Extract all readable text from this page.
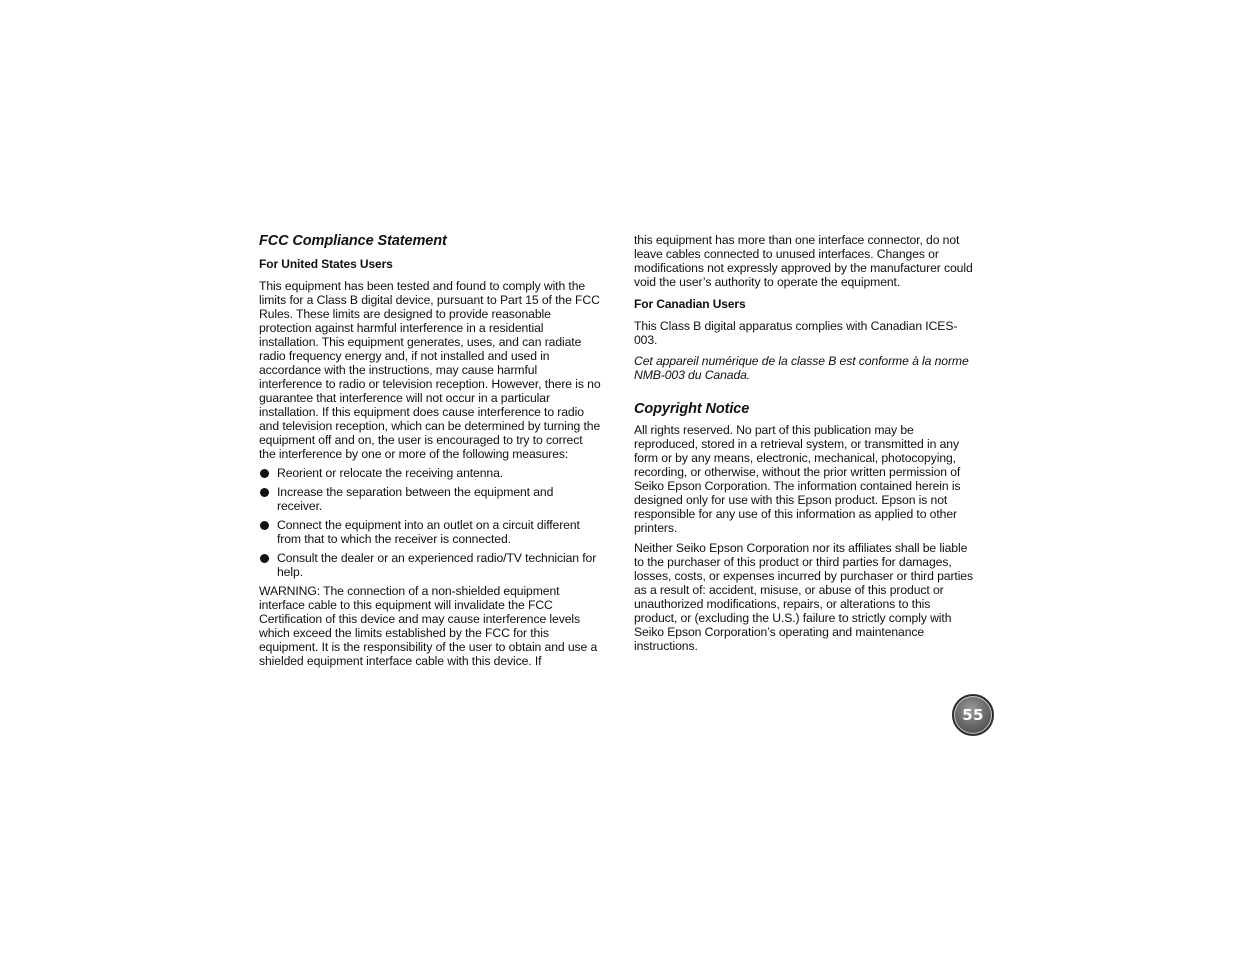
FCC Compliance Statement

For United States Users

This equipment has been tested and found to comply with the limits for a Class B digital device, pursuant to Part 15 of the FCC Rules. These limits are designed to provide reasonable protection against harmful interference in a residential installation. This equipment generates, uses, and can radiate radio frequency energy and, if not installed and used in accordance with the instructions, may cause harmful interference to radio or television reception. However, there is no guarantee that interference will not occur in a particular installation. If this equipment does cause interference to radio and television reception, which can be determined by turning the equipment off and on, the user is encouraged to try to correct the interference by one or more of the following measures:

Reorient or relocate the receiving antenna.
Increase the separation between the equipment and receiver.
Connect the equipment into an outlet on a circuit different from that to which the receiver is connected.
Consult the dealer or an experienced radio/TV technician for help.

WARNING: The connection of a non-shielded equipment interface cable to this equipment will invalidate the FCC Certification of this device and may cause interference levels which exceed the limits established by the FCC for this equipment. It is the responsibility of the user to obtain and use a shielded equipment interface cable with this device. If

this equipment has more than one interface connector, do not leave cables connected to unused interfaces. Changes or modifications not expressly approved by the manufacturer could void the user’s authority to operate the equipment.

For Canadian Users

This Class B digital apparatus complies with Canadian ICES-003.

Cet appareil numérique de la classe B est conforme à la norme NMB-003 du Canada.

Copyright Notice

All rights reserved. No part of this publication may be reproduced, stored in a retrieval system, or transmitted in any form or by any means, electronic, mechanical, photocopying, recording, or otherwise, without the prior written permission of Seiko Epson Corporation. The information contained herein is designed only for use with this Epson product. Epson is not responsible for any use of this information as applied to other printers.

Neither Seiko Epson Corporation nor its affiliates shall be liable to the purchaser of this product or third parties for damages, losses, costs, or expenses incurred by purchaser or third parties as a result of: accident, misuse, or abuse of this product or unauthorized modifications, repairs, or alterations to this product, or (excluding the U.S.) failure to strictly comply with Seiko Epson Corporation’s operating and maintenance instructions.

55
